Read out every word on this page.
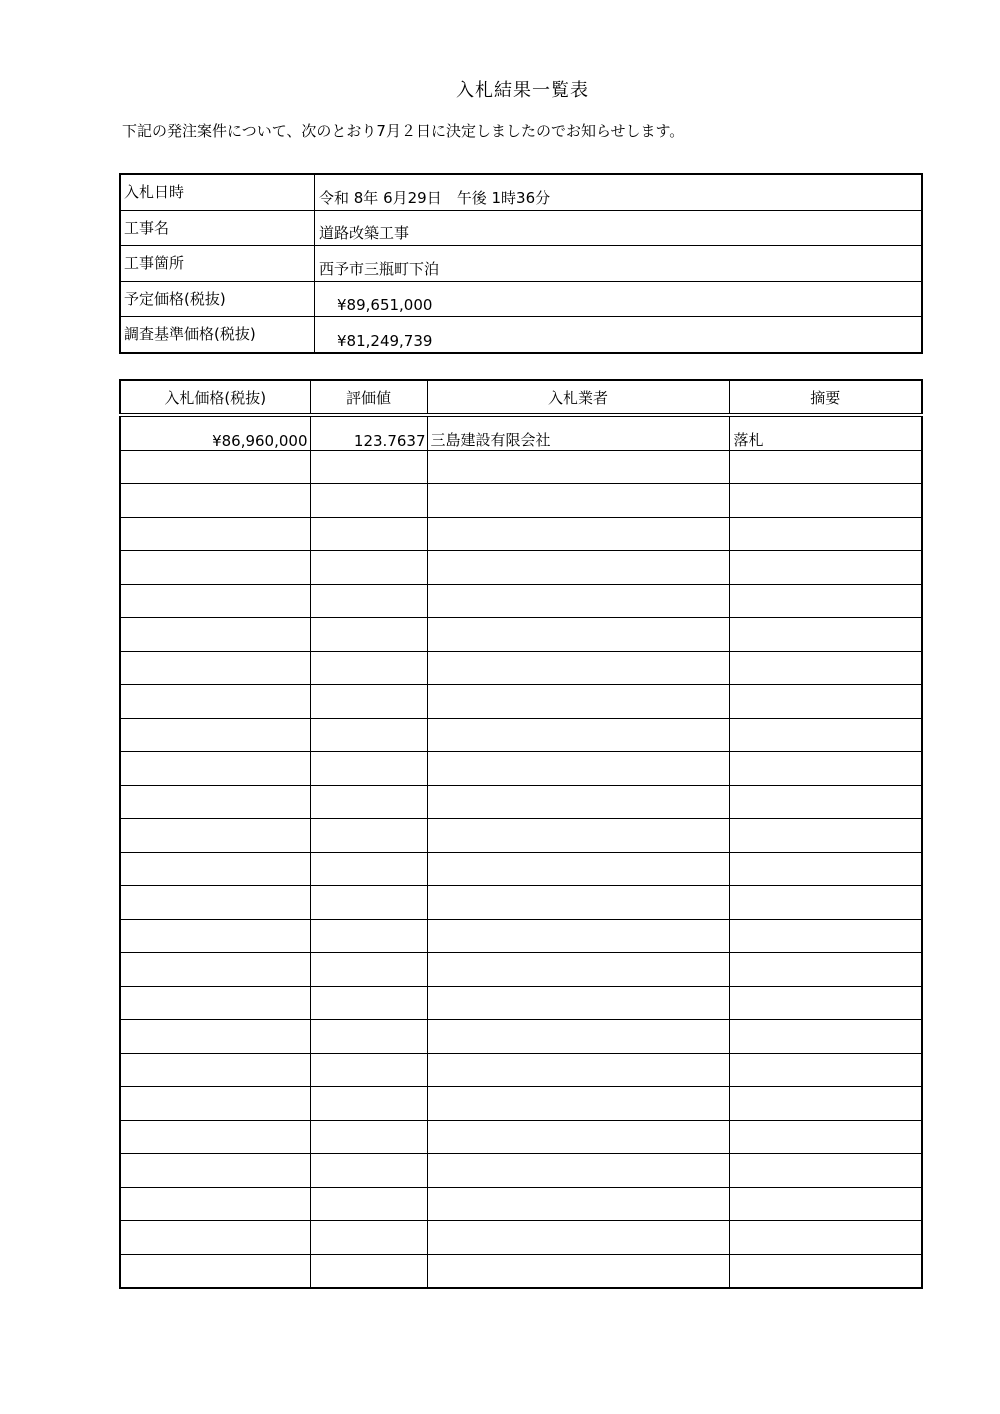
入札結果一覧表
下記の発注案件について、次のとおり7月２日に決定しましたのでお知らせします。
入札日時	令和 8年 6月29日　午後 1時36分
工事名	道路改築工事
工事箇所	西予市三瓶町下泊
予定価格(税抜)	¥89,651,000
調査基準価格(税抜)	¥81,249,739
入札価格(税抜)	評価値	入札業者	摘要
¥86,960,000	123.7637	三島建設有限会社	落札
